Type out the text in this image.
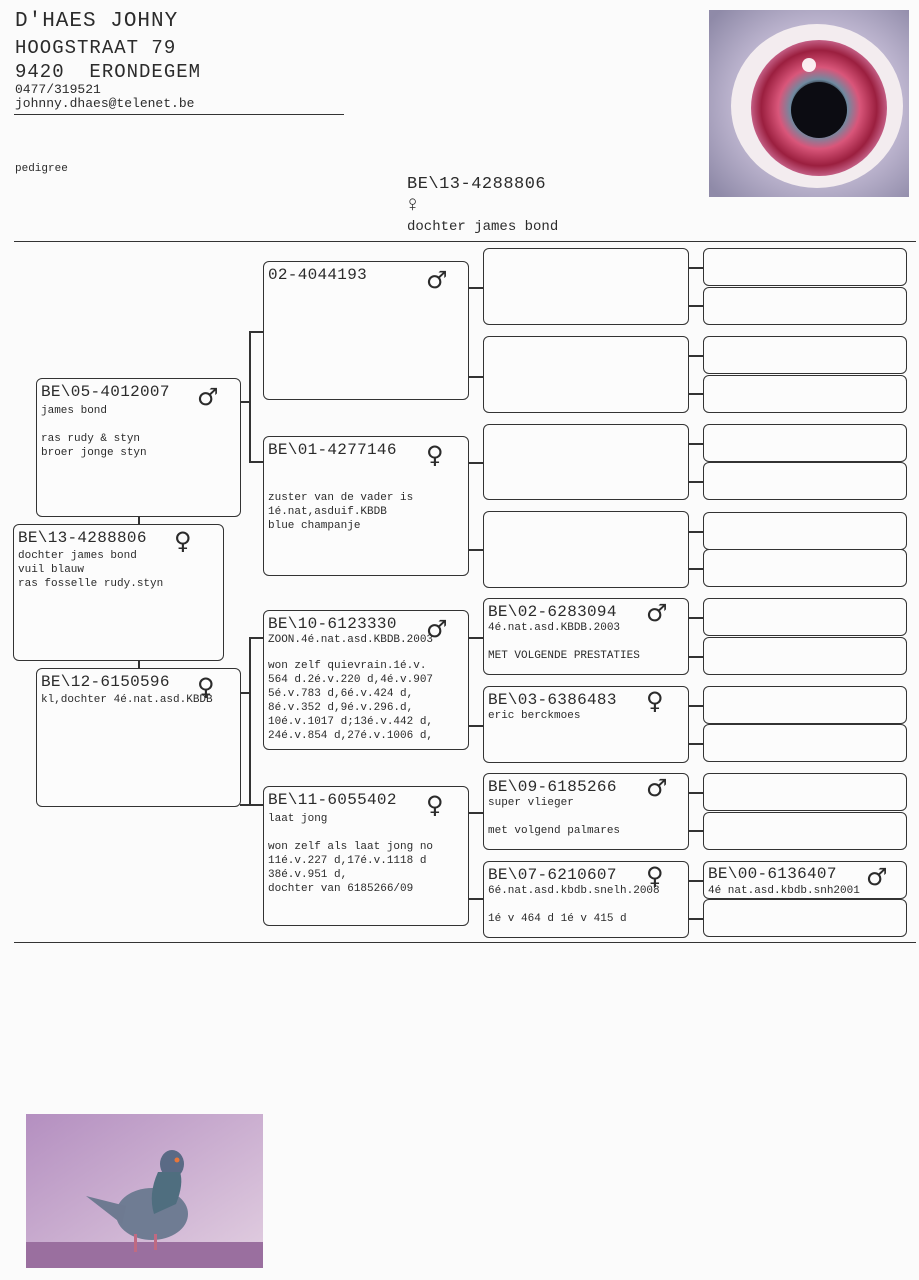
D'HAES JOHNY
HOOGSTRAAT 79
9420  ERONDEGEM
0477/319521
johnny.dhaes@telenet.be
pedigree
BE\13-4288806
♀
dochter james bond
BE\13-4288806 ♀
dochter james bond
vuil blauw
ras fosselle rudy.styn
BE\05-4012007 ♂
james bond

ras rudy & styn
broer jonge styn
BE\12-6150596 ♀
kl,dochter 4é.nat.asd.KBDB
02-4044193 ♂
BE\01-4277146 ♀
zuster van de vader is
1é.nat,asduif.KBDB
blue champanje
BE\10-6123330 ♂
ZOON.4é.nat.asd.KBDB.2003
won zelf quievrain.1é.v.
564 d.2é.v.220 d,4é.v.907
5é.v.783 d,6é.v.424 d,
8é.v.352 d,9é.v.296.d,
10é.v.1017 d;13é.v.442 d,
24é.v.854 d,27é.v.1006 d,
BE\11-6055402 ♀
laat jong

won zelf als laat jong no
11é.v.227 d,17é.v.1118 d
38é.v.951 d,
dochter van 6185266/09
BE\02-6283094 ♂
4é.nat.asd.KBDB.2003

MET VOLGENDE PRESTATIES
BE\03-6386483 ♀
eric berckmoes
BE\09-6185266 ♂
super vlieger

met volgend palmares
BE\07-6210607 ♀
6é.nat.asd.kbdb.snelh.2008

1é v 464 d 1é v 415 d
BE\00-6136407 ♂
4é nat.asd.kbdb.snh2001
